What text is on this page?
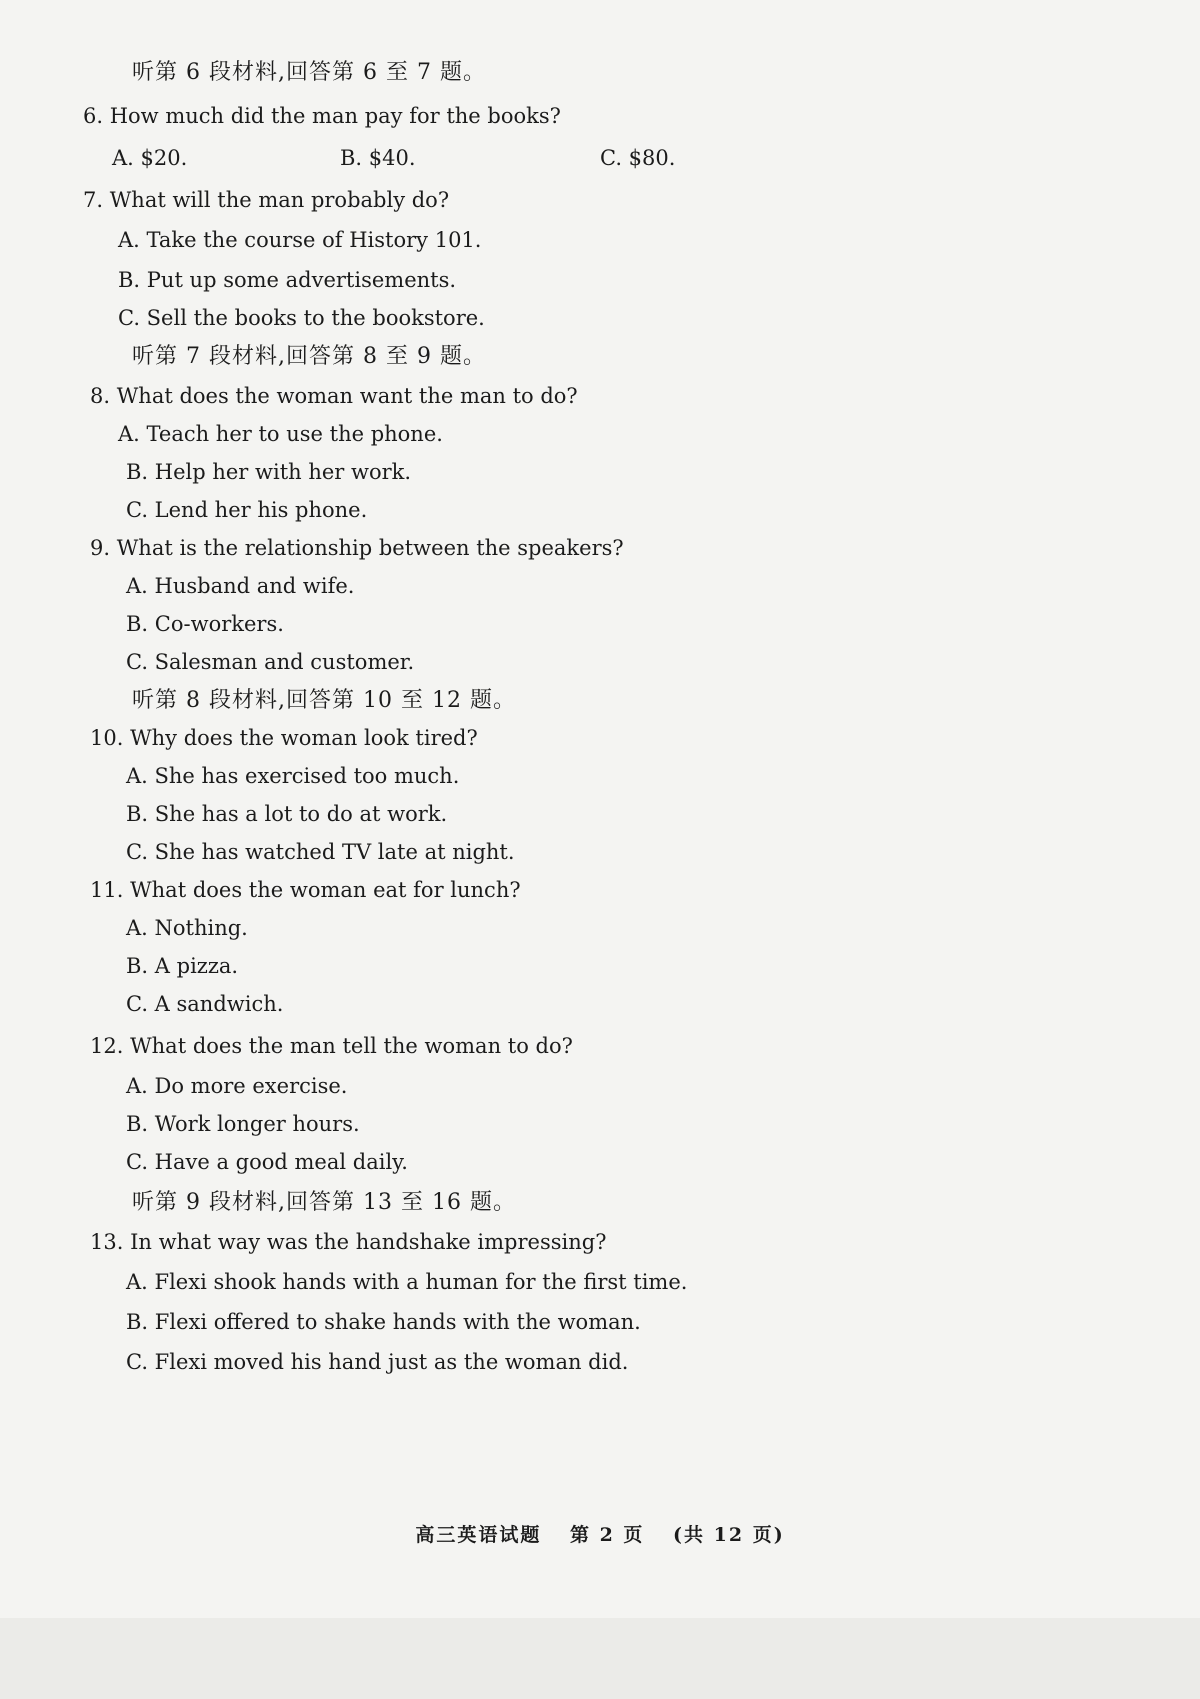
听第 6 段材料,回答第 6 至 7 题。
6. How much did the man pay for the books?
A. $20.	B. $40.	C. $80.
7. What will the man probably do?
A. Take the course of History 101.
B. Put up some advertisements.
C. Sell the books to the bookstore.
听第 7 段材料,回答第 8 至 9 题。
8. What does the woman want the man to do?
A. Teach her to use the phone.
B. Help her with her work.
C. Lend her his phone.
9. What is the relationship between the speakers?
A. Husband and wife.
B. Co-workers.
C. Salesman and customer.
听第 8 段材料,回答第 10 至 12 题。
10. Why does the woman look tired?
A. She has exercised too much.
B. She has a lot to do at work.
C. She has watched TV late at night.
11. What does the woman eat for lunch?
A. Nothing.
B. A pizza.
C. A sandwich.
12. What does the man tell the woman to do?
A. Do more exercise.
B. Work longer hours.
C. Have a good meal daily.
听第 9 段材料,回答第 13 至 16 题。
13. In what way was the handshake impressing?
A. Flexi shook hands with a human for the first time.
B. Flexi offered to shake hands with the woman.
C. Flexi moved his hand just as the woman did.
高三英语试题 第 2 页 (共 12 页)
